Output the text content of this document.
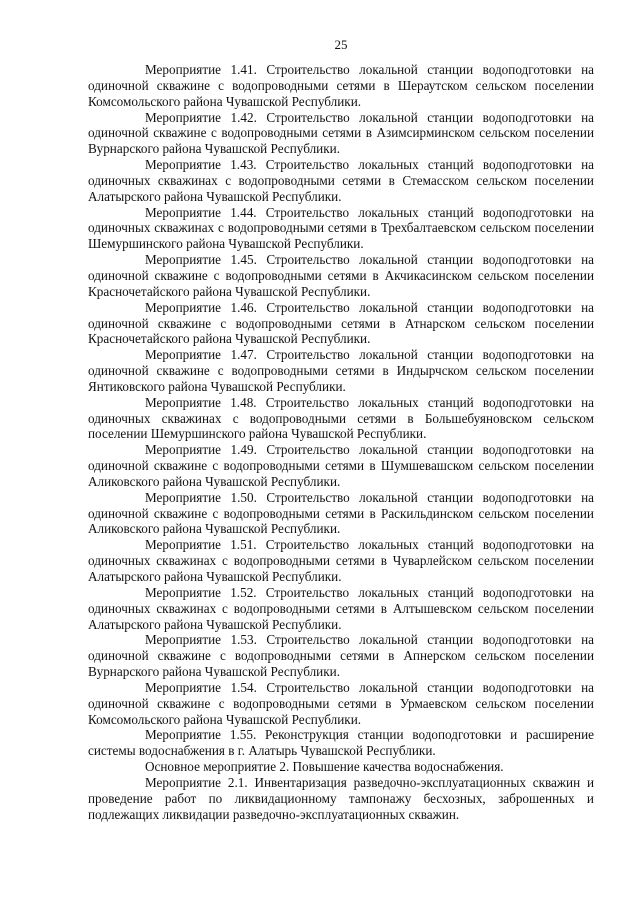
25

Мероприятие 1.41. Строительство локальной станции водоподготовки на одиночной скважине с водопроводными сетями в Шераутском сельском поселении Комсомольского района Чувашской Республики.

Мероприятие 1.42. Строительство локальной станции водоподготовки на одиночной скважине с водопроводными сетями в Азимсирминском сельском поселении Вурнарского района Чувашской Республики.

Мероприятие 1.43. Строительство локальных станций водоподготовки на одиночных скважинах с водопроводными сетями в Стемасском сельском поселении Алатырского района Чувашской Республики.

Мероприятие 1.44. Строительство локальных станций водоподготовки на одиночных скважинах с водопроводными сетями в Трехбалтаевском сельском поселении Шемуршинского района Чувашской Республики.

Мероприятие 1.45. Строительство локальной станции водоподготовки на одиночной скважине с водопроводными сетями в Акчикасинском сельском поселении Красночетайского района Чувашской Республики.

Мероприятие 1.46. Строительство локальной станции водоподготовки на одиночной скважине с водопроводными сетями в Атнарском сельском поселении Красночетайского района Чувашской Республики.

Мероприятие 1.47. Строительство локальной станции водоподготовки на одиночной скважине с водопроводными сетями в Индырчском сельском поселении Янтиковского района Чувашской Республики.

Мероприятие 1.48. Строительство локальных станций водоподготовки на одиночных скважинах с водопроводными сетями в Большебуяновском сельском поселении Шемуршинского района Чувашской Республики.

Мероприятие 1.49. Строительство локальной станции водоподготовки на одиночной скважине с водопроводными сетями в Шумшевашском сельском поселении Аликовского района Чувашской Республики.

Мероприятие 1.50. Строительство локальной станции водоподготовки на одиночной скважине с водопроводными сетями в Раскильдинском сельском поселении Аликовского района Чувашской Республики.

Мероприятие 1.51. Строительство локальных станций водоподготовки на одиночных скважинах с водопроводными сетями в Чуварлейском сельском поселении Алатырского района Чувашской Республики.

Мероприятие 1.52. Строительство локальных станций водоподготовки на одиночных скважинах с водопроводными сетями в Алтышевском сельском поселении Алатырского района Чувашской Республики.

Мероприятие 1.53. Строительство локальной станции водоподготовки на одиночной скважине с водопроводными сетями в Апнерском сельском поселении Вурнарского района Чувашской Республики.

Мероприятие 1.54. Строительство локальной станции водоподготовки на одиночной скважине с водопроводными сетями в Урмаевском сельском поселении Комсомольского района Чувашской Республики.

Мероприятие 1.55. Реконструкция станции водоподготовки и расширение системы водоснабжения в г. Алатырь Чувашской Республики.

Основное мероприятие 2. Повышение качества водоснабжения.

Мероприятие 2.1. Инвентаризация разведочно-эксплуатационных скважин и проведение работ по ликвидационному тампонажу бесхозных, заброшенных и подлежащих ликвидации разведочно-эксплуатационных скважин.
